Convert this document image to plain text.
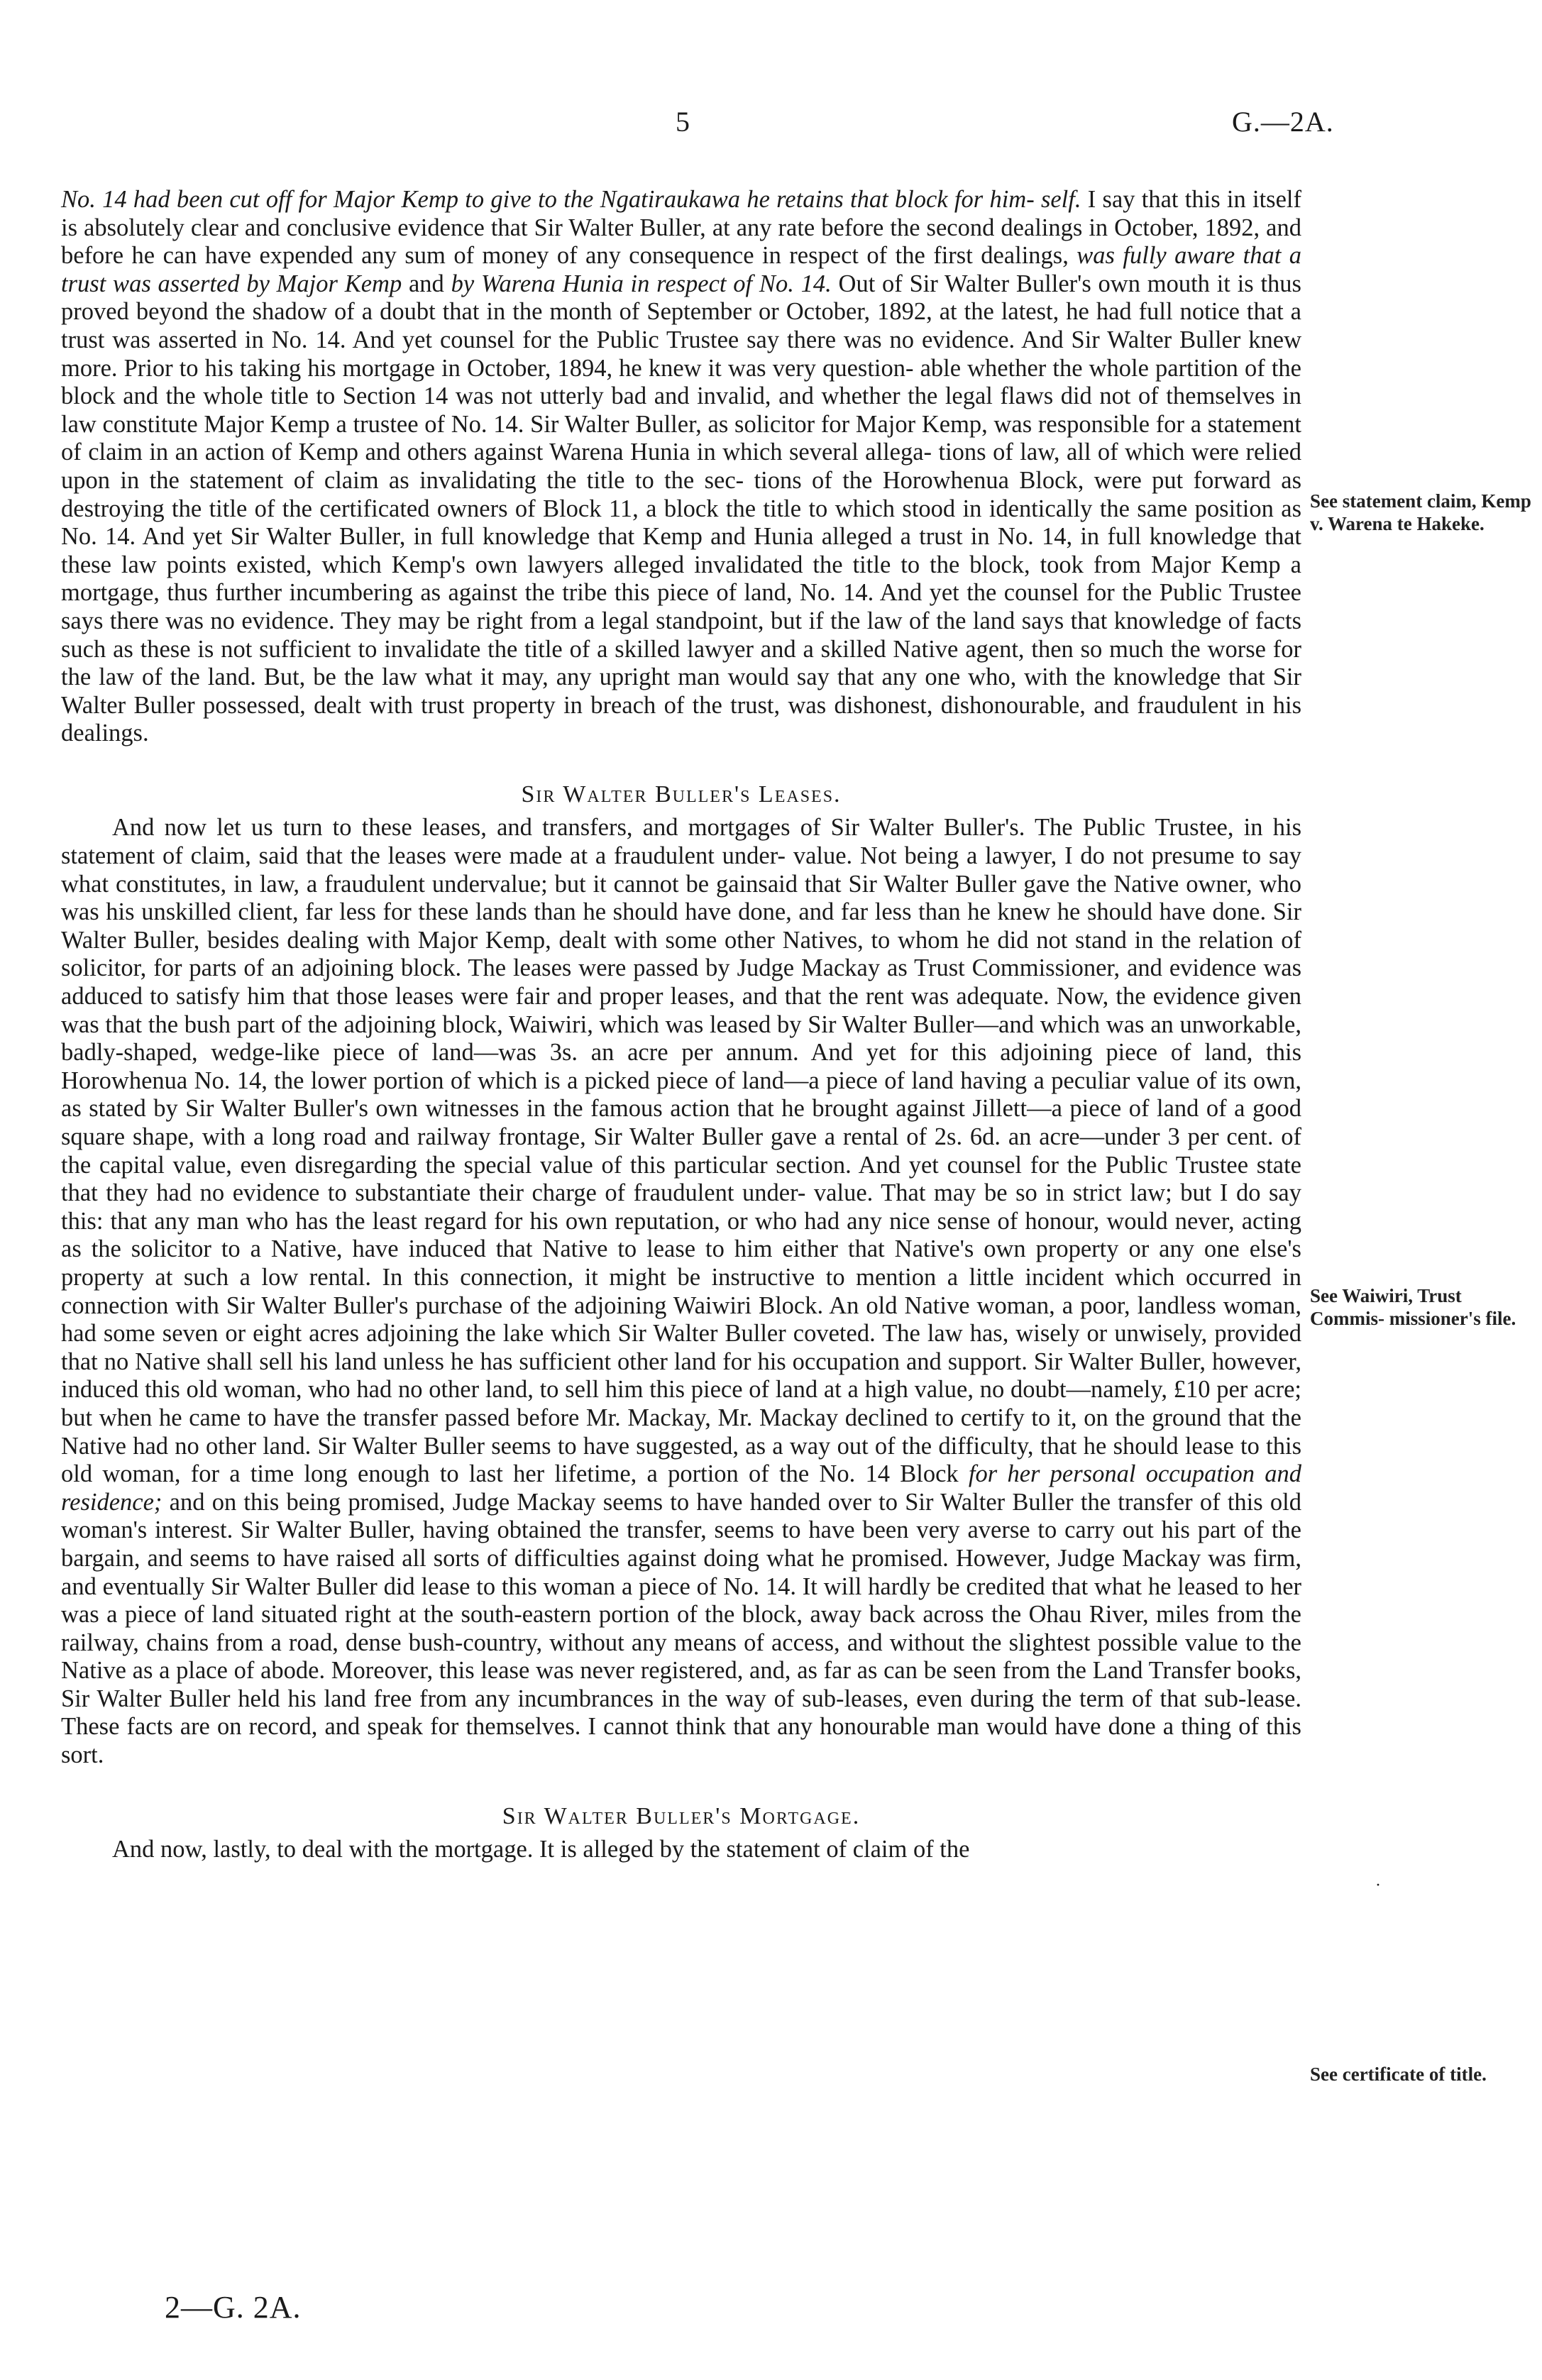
5	G.—2A.

No. 14 had been cut off for Major Kemp to give to the Ngatiraukawa he retains that block for him- self. I say that this in itself is absolutely clear and conclusive evidence that Sir Walter Buller, at any rate before the second dealings in October, 1892, and before he can have expended any sum of money of any consequence in respect of the first dealings, was fully aware that a trust was asserted by Major Kemp and by Warena Hunia in respect of No. 14. Out of Sir Walter Buller's own mouth it is thus proved beyond the shadow of a doubt that in the month of September or October, 1892, at the latest, he had full notice that a trust was asserted in No. 14. And yet counsel for the Public Trustee say there was no evidence. And Sir Walter Buller knew more. Prior to his taking his mortgage in October, 1894, he knew it was very question- able whether the whole partition of the block and the whole title to Section 14 was not utterly bad and invalid, and whether the legal flaws did not of themselves in law constitute Major Kemp a trustee of No. 14. Sir Walter Buller, as solicitor for Major Kemp, was responsible for a statement of claim in an action of Kemp and others against Warena Hunia in which several allega- tions of law, all of which were relied upon in the statement of claim as invalidating the title to the sec- tions of the Horowhenua Block, were put forward as destroying the title of the certificated owners of Block 11, a block the title to which stood in identically the same position as No. 14. And yet Sir Walter Buller, in full knowledge that Kemp and Hunia alleged a trust in No. 14, in full knowledge that these law points existed, which Kemp's own lawyers alleged invalidated the title to the block, took from Major Kemp a mortgage, thus further incumbering as against the tribe this piece of land, No. 14. And yet the counsel for the Public Trustee says there was no evidence. They may be right from a legal standpoint, but if the law of the land says that knowledge of facts such as these is not sufficient to invalidate the title of a skilled lawyer and a skilled Native agent, then so much the worse for the law of the land. But, be the law what it may, any upright man would say that any one who, with the knowledge that Sir Walter Buller possessed, dealt with trust property in breach of the trust, was dishonest, dishonourable, and fraudulent in his dealings.

Sir Walter Buller's Leases.

And now let us turn to these leases, and transfers, and mortgages of Sir Walter Buller's. The Public Trustee, in his statement of claim, said that the leases were made at a fraudulent under- value. Not being a lawyer, I do not presume to say what constitutes, in law, a fraudulent undervalue; but it cannot be gainsaid that Sir Walter Buller gave the Native owner, who was his unskilled client, far less for these lands than he should have done, and far less than he knew he should have done. Sir Walter Buller, besides dealing with Major Kemp, dealt with some other Natives, to whom he did not stand in the relation of solicitor, for parts of an adjoining block. The leases were passed by Judge Mackay as Trust Commissioner, and evidence was adduced to satisfy him that those leases were fair and proper leases, and that the rent was adequate. Now, the evidence given was that the bush part of the adjoining block, Waiwiri, which was leased by Sir Walter Buller—and which was an unworkable, badly-shaped, wedge-like piece of land—was 3s. an acre per annum. And yet for this adjoining piece of land, this Horowhenua No. 14, the lower portion of which is a picked piece of land—a piece of land having a peculiar value of its own, as stated by Sir Walter Buller's own witnesses in the famous action that he brought against Jillett—a piece of land of a good square shape, with a long road and railway frontage, Sir Walter Buller gave a rental of 2s. 6d. an acre—under 3 per cent. of the capital value, even disregarding the special value of this particular section. And yet counsel for the Public Trustee state that they had no evidence to substantiate their charge of fraudulent under- value. That may be so in strict law; but I do say this: that any man who has the least regard for his own reputation, or who had any nice sense of honour, would never, acting as the solicitor to a Native, have induced that Native to lease to him either that Native's own property or any one else's property at such a low rental. In this connection, it might be instructive to mention a little incident which occurred in connection with Sir Walter Buller's purchase of the adjoining Waiwiri Block. An old Native woman, a poor, landless woman, had some seven or eight acres adjoining the lake which Sir Walter Buller coveted. The law has, wisely or unwisely, provided that no Native shall sell his land unless he has sufficient other land for his occupation and support. Sir Walter Buller, however, induced this old woman, who had no other land, to sell him this piece of land at a high value, no doubt—namely, £10 per acre; but when he came to have the transfer passed before Mr. Mackay, Mr. Mackay declined to certify to it, on the ground that the Native had no other land. Sir Walter Buller seems to have suggested, as a way out of the difficulty, that he should lease to this old woman, for a time long enough to last her lifetime, a portion of the No. 14 Block for her personal occupation and residence; and on this being promised, Judge Mackay seems to have handed over to Sir Walter Buller the transfer of this old woman's interest. Sir Walter Buller, having obtained the transfer, seems to have been very averse to carry out his part of the bargain, and seems to have raised all sorts of difficulties against doing what he promised. However, Judge Mackay was firm, and eventually Sir Walter Buller did lease to this woman a piece of No. 14. It will hardly be credited that what he leased to her was a piece of land situated right at the south-eastern portion of the block, away back across the Ohau River, miles from the railway, chains from a road, dense bush-country, without any means of access, and without the slightest possible value to the Native as a place of abode. Moreover, this lease was never registered, and, as far as can be seen from the Land Transfer books, Sir Walter Buller held his land free from any incumbrances in the way of sub-leases, even during the term of that sub-lease. These facts are on record, and speak for themselves. I cannot think that any honourable man would have done a thing of this sort.

Sir Walter Buller's Mortgage.

And now, lastly, to deal with the mortgage. It is alleged by the statement of claim of the

See statement claim, Kemp v. Warena te Hakeke.
See Waiwiri, Trust Commis- missioner's file.
See certificate of title.
·
2—G. 2A.
